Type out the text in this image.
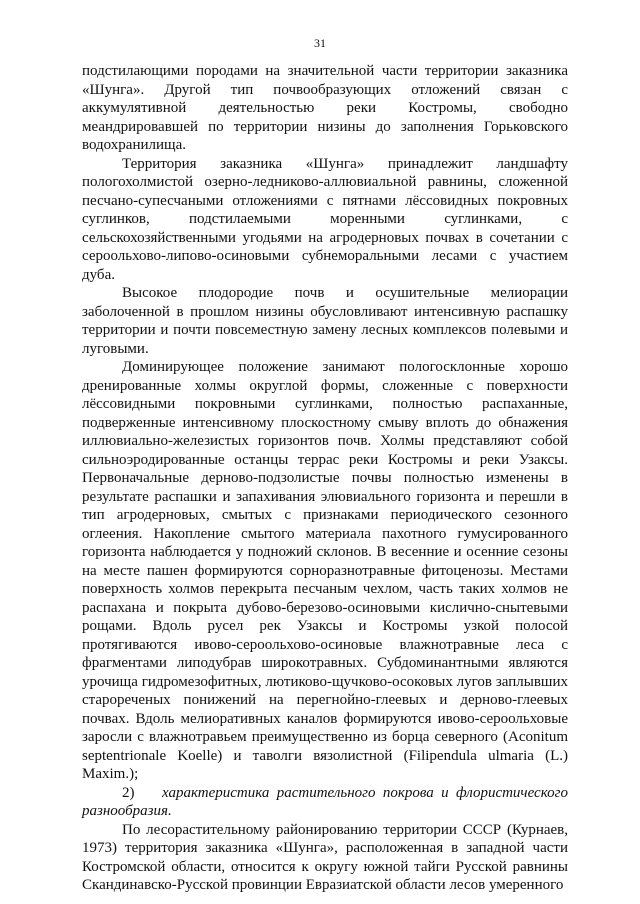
31

подстилающими породами на значительной части территории заказника «Шунга». Другой тип почвообразующих отложений связан с аккумулятивной деятельностью реки Костромы, свободно меандрировавшей по территории низины до заполнения Горьковского водохранилища.

Территория заказника «Шунга» принадлежит ландшафту пологохолмистой озерно-ледниково-аллювиальной равнины, сложенной песчано-супесчаными отложениями с пятнами лёссовидных покровных суглинков, подстилаемыми моренными суглинками, с сельскохозяйственными угодьями на агродерновых почвах в сочетании с сероольхово-липово-осиновыми субнеморальными лесами с участием дуба.

Высокое плодородие почв и осушительные мелиорации заболоченной в прошлом низины обусловливают интенсивную распашку территории и почти повсеместную замену лесных комплексов полевыми и луговыми.

Доминирующее положение занимают пологосклонные хорошо дренированные холмы округлой формы, сложенные с поверхности лёссовидными покровными суглинками, полностью распаханные, подверженные интенсивному плоскостному смыву вплоть до обнажения иллювиально-железистых горизонтов почв. Холмы представляют собой сильноэродированные останцы террас реки Костромы и реки Узаксы. Первоначальные дерново-подзолистые почвы полностью изменены в результате распашки и запахивания элювиального горизонта и перешли в тип агродерновых, смытых с признаками периодического сезонного оглеения. Накопление смытого материала пахотного гумусированного горизонта наблюдается у подножий склонов. В весенние и осенние сезоны на месте пашен формируются сорноразнотравные фитоценозы. Местами поверхность холмов перекрыта песчаным чехлом, часть таких холмов не распахана и покрыта дубово-березово-осиновыми кислично-снытевыми рощами. Вдоль русел рек Узаксы и Костромы узкой полосой протягиваются ивово-сероольхово-осиновые влажнотравные леса с фрагментами липодубрав широкотравных. Субдоминантными являются урочища гидромезофитных, лютиково-щучково-осоковых лугов заплывших старореченых понижений на перегнойно-глеевых и дерново-глеевых почвах. Вдоль мелиоративных каналов формируются ивово-сероольховые заросли с влажнотравьем преимущественно из борца северного (Aconitum septentrionale Koelle) и таволги вязолистной (Filipendula ulmaria (L.) Maxim.);

2) характеристика растительного покрова и флористического разнообразия.

По лесорастительному районированию территории СССР (Курнаев, 1973) территория заказника «Шунга», расположенная в западной части Костромской области, относится к округу южной тайги Русской равнины Скандинавско-Русской провинции Евразиатской области лесов умеренного
